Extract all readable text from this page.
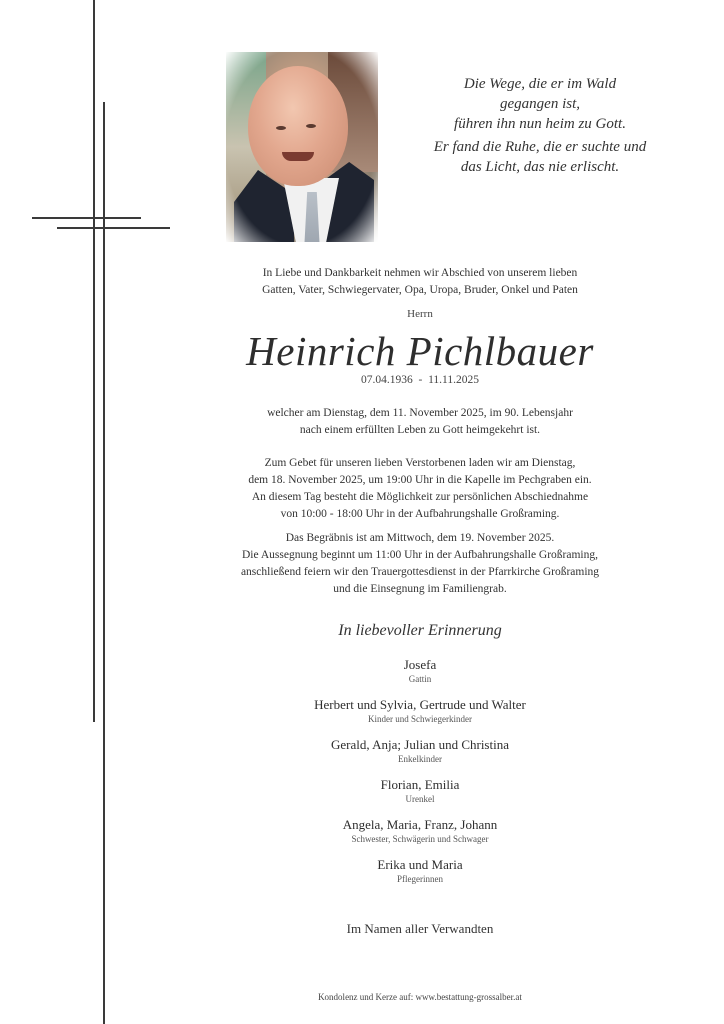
Die Wege, die er im Wald
gegangen ist,
führen ihn nun heim zu Gott.

Er fand die Ruhe, die er suchte und
das Licht, das nie erlischt.

In Liebe und Dankbarkeit nehmen wir Abschied von unserem lieben
Gatten, Vater, Schwiegervater, Opa, Uropa, Bruder, Onkel und Paten
Herrn
Heinrich Pichlbauer
07.04.1936  -  11.11.2025
welcher am Dienstag, dem 11. November 2025, im 90. Lebensjahr
nach einem erfüllten Leben zu Gott heimgekehrt ist.
Zum Gebet für unseren lieben Verstorbenen laden wir am Dienstag,
dem 18. November 2025, um 19:00 Uhr in die Kapelle im Pechgraben ein.
An diesem Tag besteht die Möglichkeit zur persönlichen Abschiednahme
von 10:00 - 18:00 Uhr in der Aufbahrungshalle Großraming.
Das Begräbnis ist am Mittwoch, dem 19. November 2025.
Die Aussegnung beginnt um 11:00 Uhr in der Aufbahrungshalle Großraming,
anschließend feiern wir den Trauergottesdienst in der Pfarrkirche Großraming
und die Einsegnung im Familiengrab.
In liebevoller Erinnerung
Josefa
Gattin
Herbert und Sylvia, Gertrude und Walter
Kinder und Schwiegerkinder
Gerald, Anja; Julian und Christina
Enkelkinder
Florian, Emilia
Urenkel
Angela, Maria, Franz, Johann
Schwester, Schwägerin und Schwager
Erika und Maria
Pflegerinnen
Im Namen aller Verwandten
Kondolenz und Kerze auf: www.bestattung-grossalber.at
